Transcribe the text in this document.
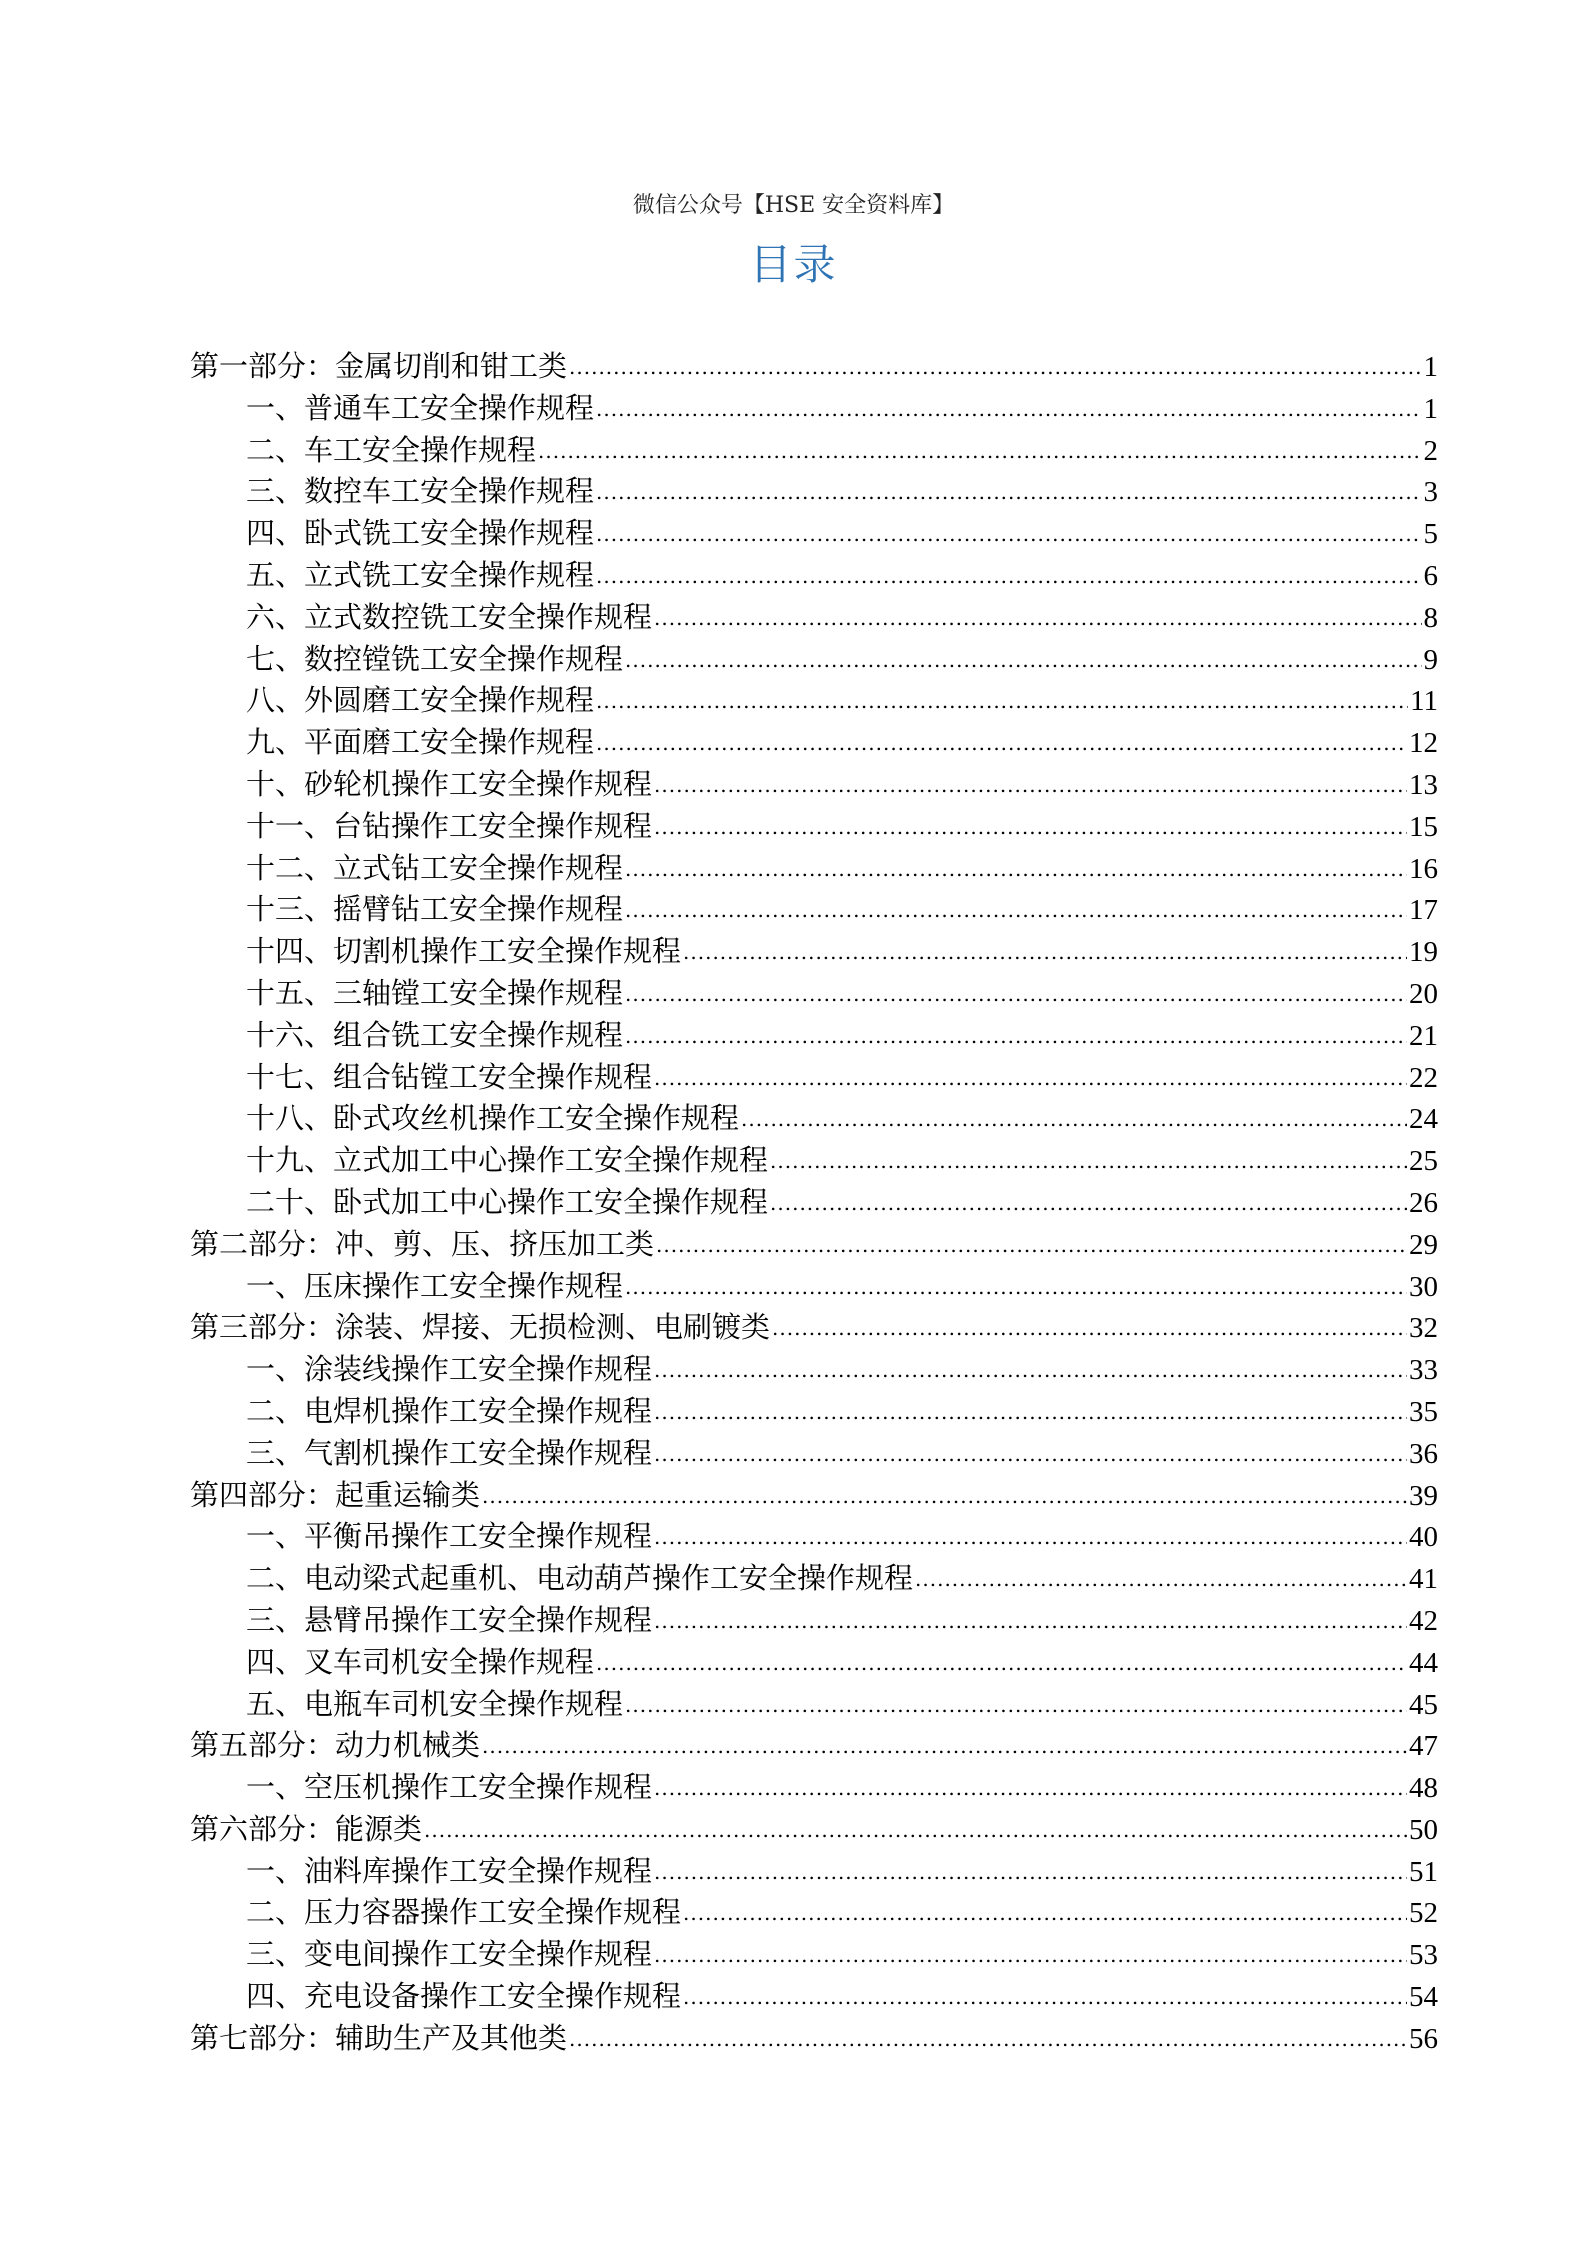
微信公众号【HSE 安全资料库】
目录
第一部分：金属切削和钳工类 .....	1
一、普通车工安全操作规程 .....	1
二、车工安全操作规程 .....	2
三、数控车工安全操作规程 .....	3
四、卧式铣工安全操作规程 .....	5
五、立式铣工安全操作规程 .....	6
六、立式数控铣工安全操作规程 .....	8
七、数控镗铣工安全操作规程 .....	9
八、外圆磨工安全操作规程 .....	11
九、平面磨工安全操作规程 .....	12
十、砂轮机操作工安全操作规程 .....	13
十一、台钻操作工安全操作规程 .....	15
十二、立式钻工安全操作规程 .....	16
十三、摇臂钻工安全操作规程 .....	17
十四、切割机操作工安全操作规程 .....	19
十五、三轴镗工安全操作规程 .....	20
十六、组合铣工安全操作规程 .....	21
十七、组合钻镗工安全操作规程 .....	22
十八、卧式攻丝机操作工安全操作规程 .....	24
十九、立式加工中心操作工安全操作规程 .....	25
二十、卧式加工中心操作工安全操作规程 .....	26
第二部分：冲、剪、压、挤压加工类 .....	29
一、压床操作工安全操作规程 .....	30
第三部分：涂装、焊接、无损检测、电刷镀类 .....	32
一、涂装线操作工安全操作规程 .....	33
二、电焊机操作工安全操作规程 .....	35
三、气割机操作工安全操作规程 .....	36
第四部分：起重运输类 .....	39
一、平衡吊操作工安全操作规程 .....	40
二、电动梁式起重机、电动葫芦操作工安全操作规程 .....	41
三、悬臂吊操作工安全操作规程 .....	42
四、叉车司机安全操作规程 .....	44
五、电瓶车司机安全操作规程 .....	45
第五部分：动力机械类 .....	47
一、空压机操作工安全操作规程 .....	48
第六部分：能源类 .....	50
一、油料库操作工安全操作规程 .....	51
二、压力容器操作工安全操作规程 .....	52
三、变电间操作工安全操作规程 .....	53
四、充电设备操作工安全操作规程 .....	54
第七部分：辅助生产及其他类 .....	56
